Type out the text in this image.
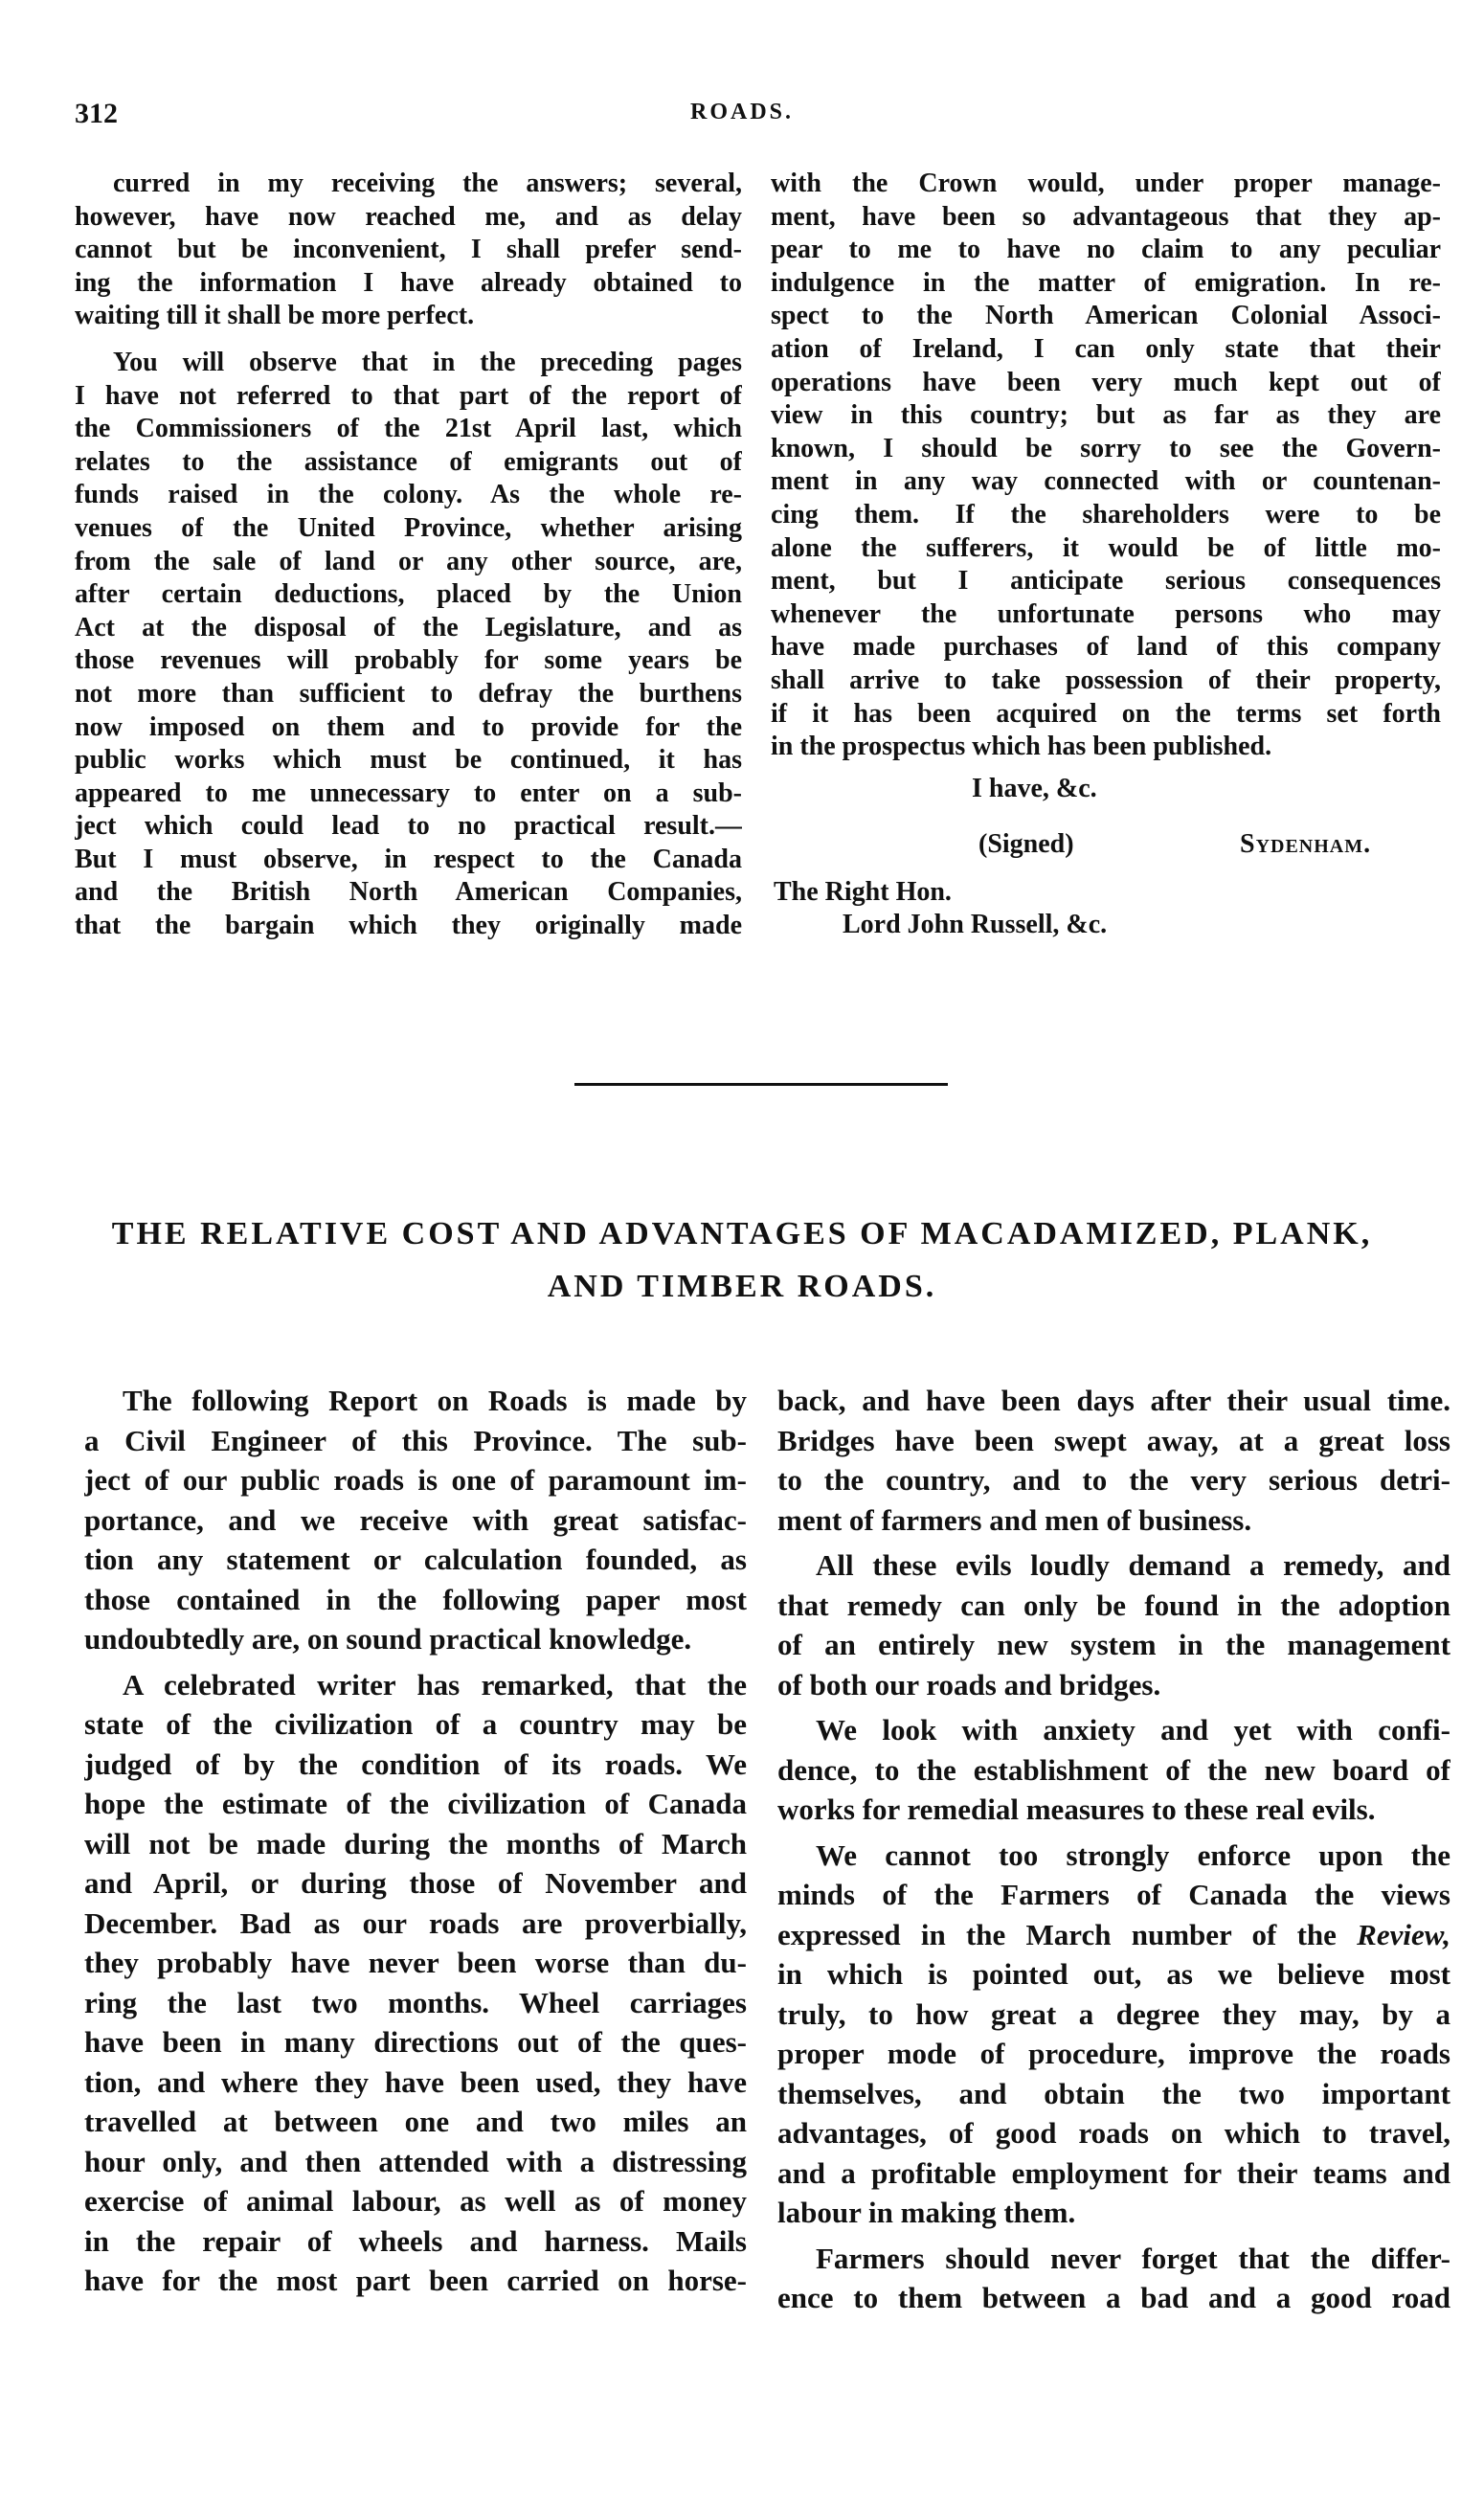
312	ROADS.
curred in my receiving the answers; several,
however, have now reached me, and as delay
cannot but be inconvenient, I shall prefer send-
ing the information I have already obtained to
waiting till it shall be more perfect.
You will observe that in the preceding pages
I have not referred to that part of the report of
the Commissioners of the 21st April last, which
relates to the assistance of emigrants out of
funds raised in the colony. As the whole re-
venues of the United Province, whether arising
from the sale of land or any other source, are,
after certain deductions, placed by the Union
Act at the disposal of the Legislature, and as
those revenues will probably for some years be
not more than sufficient to defray the burthens
now imposed on them and to provide for the
public works which must be continued, it has
appeared to me unnecessary to enter on a sub-
ject which could lead to no practical result.—
But I must observe, in respect to the Canada
and the British North American Companies,
that the bargain which they originally made
with the Crown would, under proper manage-
ment, have been so advantageous that they ap-
pear to me to have no claim to any peculiar
indulgence in the matter of emigration. In re-
spect to the North American Colonial Associ-
ation of Ireland, I can only state that their
operations have been very much kept out of
view in this country; but as far as they are
known, I should be sorry to see the Govern-
ment in any way connected with or countenan-
cing them. If the shareholders were to be
alone the sufferers, it would be of little mo-
ment, but I anticipate serious consequences
whenever the unfortunate persons who may
have made purchases of land of this company
shall arrive to take possession of their property,
if it has been acquired on the terms set forth
in the prospectus which has been published.
I have, &c.
(Signed)	Sydenham.
The Right Hon.
Lord John Russell, &c.
THE RELATIVE COST AND ADVANTAGES OF MACADAMIZED, PLANK,
AND TIMBER ROADS.
The following Report on Roads is made by
a Civil Engineer of this Province. The sub-
ject of our public roads is one of paramount im-
portance, and we receive with great satisfac-
tion any statement or calculation founded, as
those contained in the following paper most
undoubtedly are, on sound practical knowledge.
A celebrated writer has remarked, that the
state of the civilization of a country may be
judged of by the condition of its roads. We
hope the estimate of the civilization of Canada
will not be made during the months of March
and April, or during those of November and
December. Bad as our roads are proverbially,
they probably have never been worse than du-
ring the last two months. Wheel carriages
have been in many directions out of the ques-
tion, and where they have been used, they have
travelled at between one and two miles an
hour only, and then attended with a distressing
exercise of animal labour, as well as of money
in the repair of wheels and harness. Mails
have for the most part been carried on horse-
back, and have been days after their usual time.
Bridges have been swept away, at a great loss
to the country, and to the very serious detri-
ment of farmers and men of business.
All these evils loudly demand a remedy, and
that remedy can only be found in the adoption
of an entirely new system in the management
of both our roads and bridges.
We look with anxiety and yet with confi-
dence, to the establishment of the new board of
works for remedial measures to these real evils.
We cannot too strongly enforce upon the
minds of the Farmers of Canada the views
expressed in the March number of the Review,
in which is pointed out, as we believe most
truly, to how great a degree they may, by a
proper mode of procedure, improve the roads
themselves, and obtain the two important
advantages, of good roads on which to travel,
and a profitable employment for their teams and
labour in making them.
Farmers should never forget that the differ-
ence to them between a bad and a good road
